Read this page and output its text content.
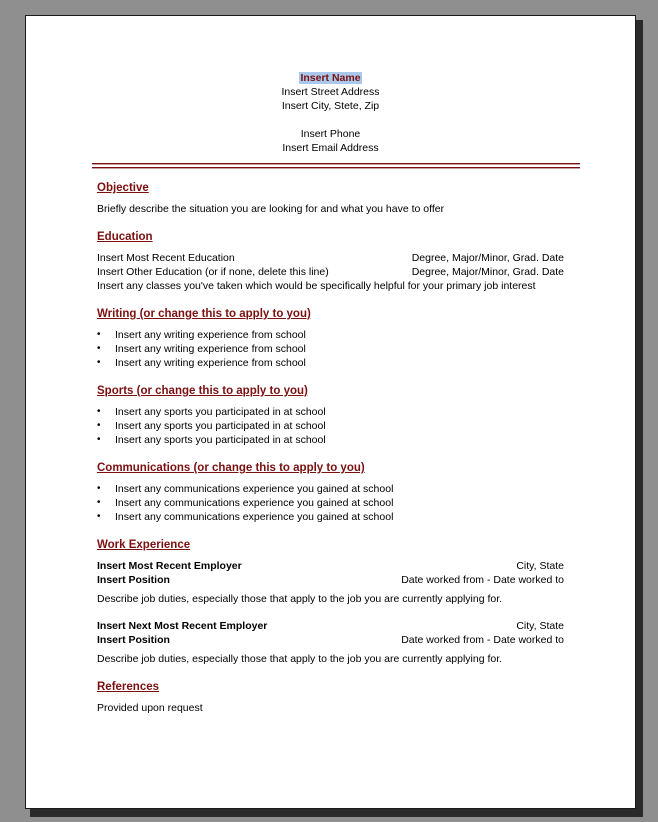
Insert Name
Insert Street Address
Insert City, Stete, Zip
Insert Phone
Insert Email Address
Objective
Briefly describe the situation you are looking for and what you have to offer
Education
Insert Most Recent Education	Degree, Major/Minor, Grad. Date
Insert Other Education (or if none, delete this line)	Degree, Major/Minor, Grad. Date
Insert any classes you've taken which would be specifically helpful for your primary job interest
Writing (or change this to apply to you)
• Insert any writing experience from school
• Insert any writing experience from school
• Insert any writing experience from school
Sports (or change this to apply to you)
• Insert any sports you participated in at school
• Insert any sports you participated in at school
• Insert any sports you participated in at school
Communications (or change this to apply to you)
• Insert any communications experience you gained at school
• Insert any communications experience you gained at school
• Insert any communications experience you gained at school
Work Experience
Insert Most Recent Employer	City, State
Insert Position	Date worked from - Date worked to
Describe job duties, especially those that apply to the job you are currently applying for.
Insert Next Most Recent Employer	City, State
Insert Position	Date worked from - Date worked to
Describe job duties, especially those that apply to the job you are currently applying for.
References
Provided upon request
